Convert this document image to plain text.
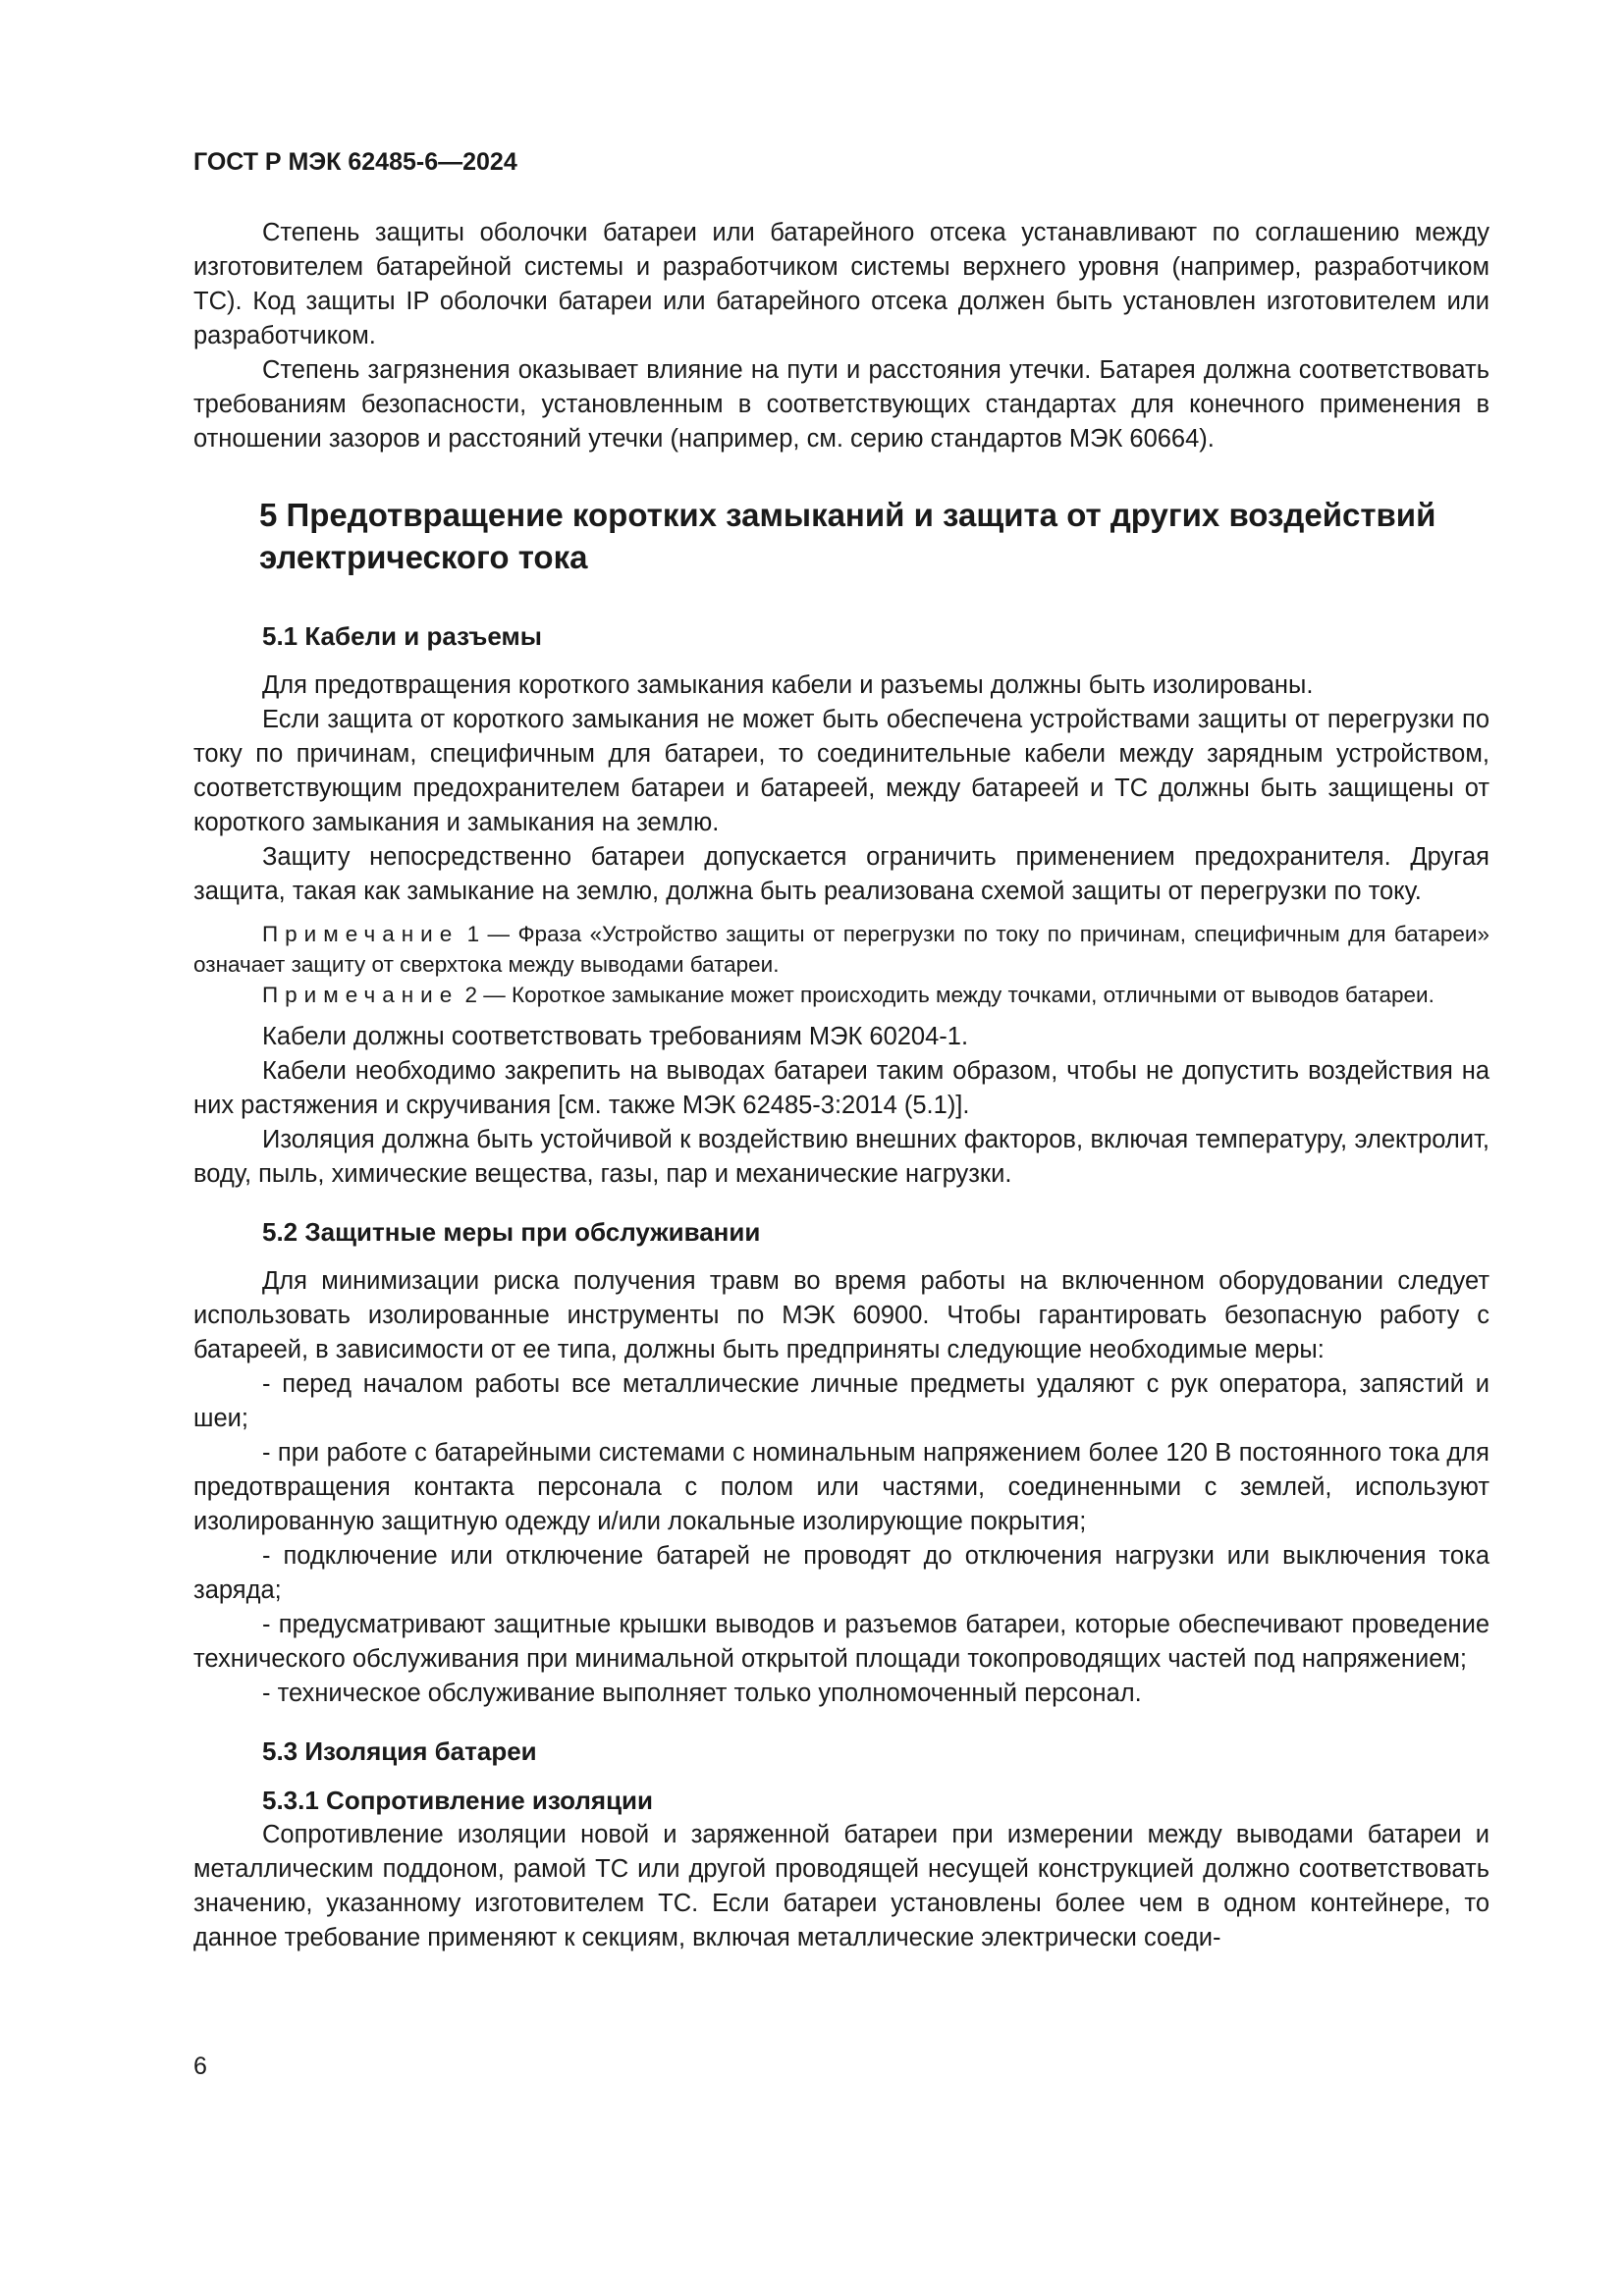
ГОСТ Р МЭК 62485-6—2024

Степень защиты оболочки батареи или батарейного отсека устанавливают по соглашению между изготовителем батарейной системы и разработчиком системы верхнего уровня (например, разработчиком ТС). Код защиты IP оболочки батареи или батарейного отсека должен быть установлен изготовителем или разработчиком.

Степень загрязнения оказывает влияние на пути и расстояния утечки. Батарея должна соответствовать требованиям безопасности, установленным в соответствующих стандартах для конечного применения в отношении зазоров и расстояний утечки (например, см. серию стандартов МЭК 60664).

5 Предотвращение коротких замыканий и защита от других воздействий электрического тока
5.1 Кабели и разъемы

Для предотвращения короткого замыкания кабели и разъемы должны быть изолированы.

Если защита от короткого замыкания не может быть обеспечена устройствами защиты от перегрузки по току по причинам, специфичным для батареи, то соединительные кабели между зарядным устройством, соответствующим предохранителем батареи и батареей, между батареей и ТС должны быть защищены от короткого замыкания и замыкания на землю.

Защиту непосредственно батареи допускается ограничить применением предохранителя. Другая защита, такая как замыкание на землю, должна быть реализована схемой защиты от перегрузки по току.

Примечание 1 — Фраза «Устройство защиты от перегрузки по току по причинам, специфичным для батареи» означает защиту от сверхтока между выводами батареи.

Примечание 2 — Короткое замыкание может происходить между точками, отличными от выводов батареи.

Кабели должны соответствовать требованиям МЭК 60204-1.

Кабели необходимо закрепить на выводах батареи таким образом, чтобы не допустить воздействия на них растяжения и скручивания [см. также МЭК 62485-3:2014 (5.1)].

Изоляция должна быть устойчивой к воздействию внешних факторов, включая температуру, электролит, воду, пыль, химические вещества, газы, пар и механические нагрузки.

5.2 Защитные меры при обслуживании

Для минимизации риска получения травм во время работы на включенном оборудовании следует использовать изолированные инструменты по МЭК 60900. Чтобы гарантировать безопасную работу с батареей, в зависимости от ее типа, должны быть предприняты следующие необходимые меры:

- перед началом работы все металлические личные предметы удаляют с рук оператора, запястий и шеи;

- при работе с батарейными системами с номинальным напряжением более 120 В постоянного тока для предотвращения контакта персонала с полом или частями, соединенными с землей, используют изолированную защитную одежду и/или локальные изолирующие покрытия;

- подключение или отключение батарей не проводят до отключения нагрузки или выключения тока заряда;

- предусматривают защитные крышки выводов и разъемов батареи, которые обеспечивают проведение технического обслуживания при минимальной открытой площади токопроводящих частей под напряжением;

- техническое обслуживание выполняет только уполномоченный персонал.

5.3 Изоляция батареи
5.3.1 Сопротивление изоляции

Сопротивление изоляции новой и заряженной батареи при измерении между выводами батареи и металлическим поддоном, рамой ТС или другой проводящей несущей конструкцией должно соответствовать значению, указанному изготовителем ТС. Если батареи установлены более чем в одном контейнере, то данное требование применяют к секциям, включая металлические электрически соеди-

6
